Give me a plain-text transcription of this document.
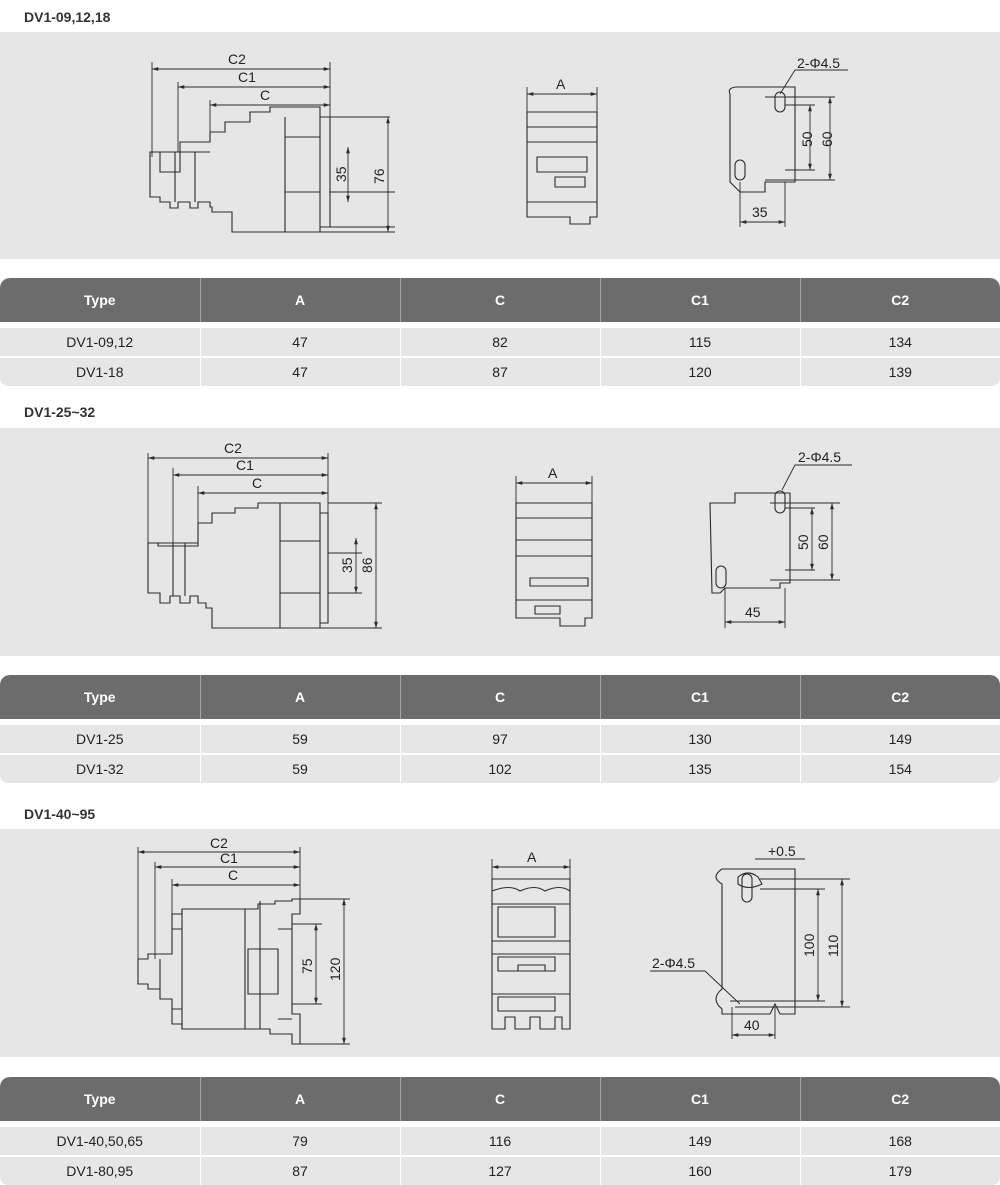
DV1-09,12,18
C2
C1
C
35 76
A
2-Φ4.5
50 60
35
Type	A	C	C1	C2
DV1-09,12	47	82	115	134
DV1-18	47	87	120	139
DV1-25~32
C2
C1
C
35 86
A
2-Φ4.5
50 60
45
Type	A	C	C1	C2
DV1-25	59	97	130	149
DV1-32	59	102	135	154
DV1-40~95
C2
C1
C
75 120
A	+0.5
2-Φ4.5
100 110
40
Type	A	C	C1	C2
DV1-40,50,65	79	116	149	168
DV1-80,95	87	127	160	179
